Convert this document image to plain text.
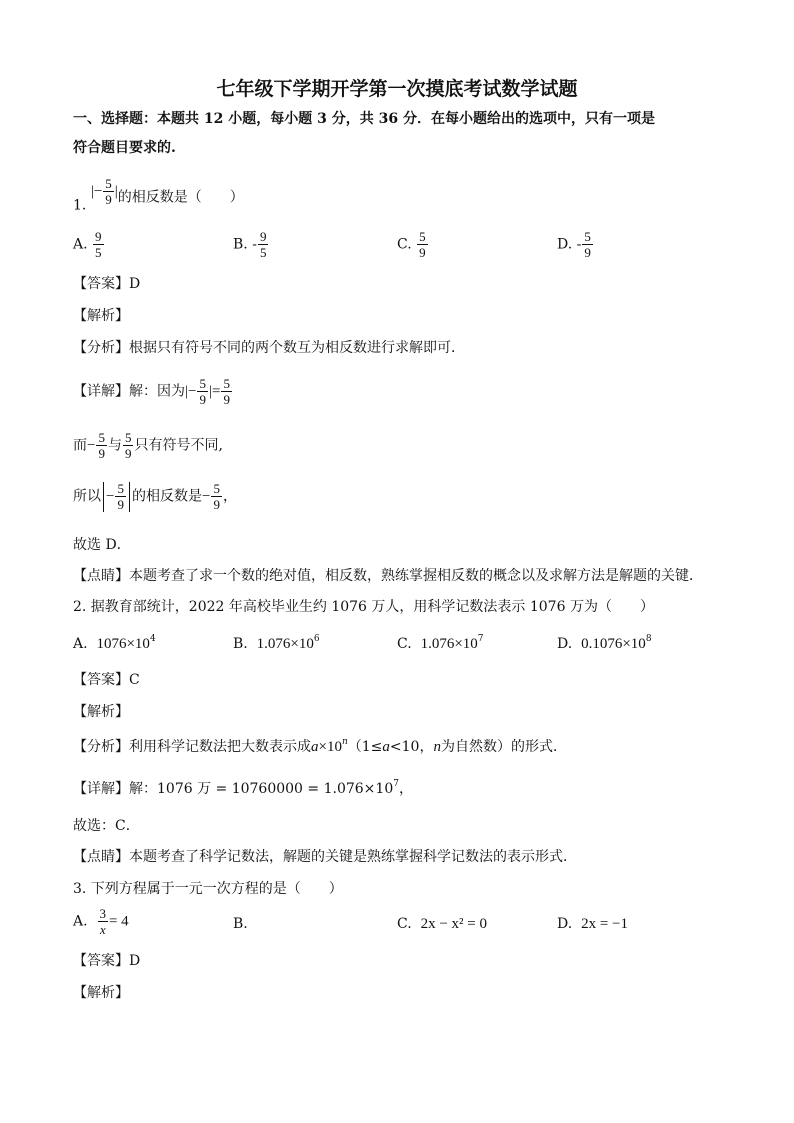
七年级下学期开学第一次摸底考试数学试题
一、选择题：本题共 12 小题，每小题 3 分，共 36 分．在每小题给出的选项中，只有一项是
符合题目要求的.
1. |− $\frac{5}{9}$ |的相反数是（　　）
A. $\frac{9}{5}$	B. - $\frac{9}{5}$	C. $\frac{5}{9}$	D. - $\frac{5}{9}$
【答案】D
【解析】
【分析】根据只有符号不同的两个数互为相反数进行求解即可．
【详解】解：因为|− $\frac{5}{9}$ |= $\frac{5}{9}$
而− $\frac{5}{9}$ 与 $\frac{5}{9}$ 只有符号不同,
所以 − $\frac{5}{9}$ 的相反数是− $\frac{5}{9}$ ，
故选 D．
【点睛】本题考查了求一个数的绝对值，相反数，熟练掌握相反数的概念以及求解方法是解题的关键．
2. 据教育部统计，2022 年高校毕业生约 1076 万人，用科学记数法表示 1076 万为（　　）
A. $1076\times 10^4$	B. $1.076\times 10^6$	C. $1.076\times 10^7$	D. $0.1076\times 10^8$
【答案】C
【解析】
【分析】利用科学记数法把大数表示成$a\times 10^n(1\le a<10$，n为自然数）的形式．
【详解】解：1076 万 = $10760000 = 1.076\times 10^7$，
故选：C．
【点睛】本题考查了科学记数法，解题的关键是熟练掌握科学记数法的表示形式．
3. 下列方程属于一元一次方程的是（　　）
A. $\frac{3}{x} = 4$	B.	C. 2x − x² = 0	D. 2x = −1
【答案】D
【解析】
